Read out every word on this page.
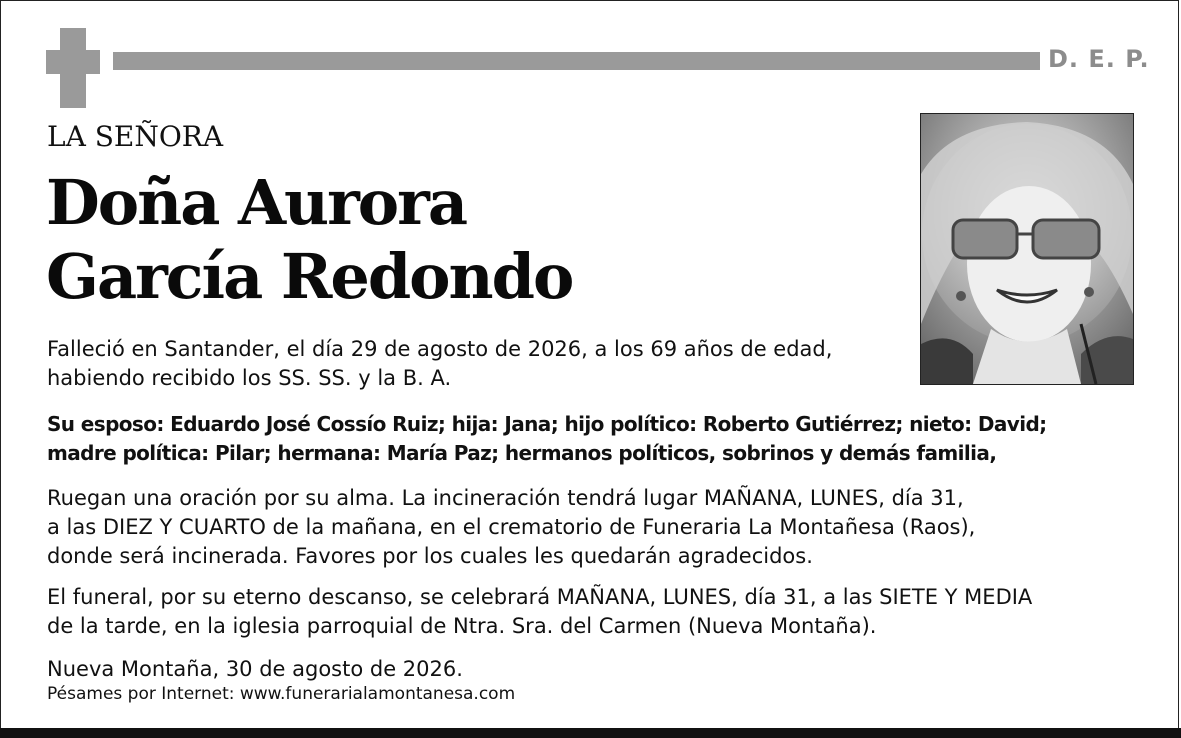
D. E. P.
LA SEÑORA
Doña Aurora
García Redondo
Falleció en Santander, el día 29 de agosto de 2026, a los 69 años de edad,
habiendo recibido los SS. SS. y la B. A.
Su esposo: Eduardo José Cossío Ruiz; hija: Jana; hijo político: Roberto Gutiérrez; nieto: David;
madre política: Pilar; hermana: María Paz; hermanos políticos, sobrinos y demás familia,
Ruegan una oración por su alma. La incineración tendrá lugar MAÑANA, LUNES, día 31,
a las DIEZ Y CUARTO de la mañana, en el crematorio de Funeraria La Montañesa (Raos),
donde será incinerada. Favores por los cuales les quedarán agradecidos.
El funeral, por su eterno descanso, se celebrará MAÑANA, LUNES, día 31, a las SIETE Y MEDIA
de la tarde, en la iglesia parroquial de Ntra. Sra. del Carmen (Nueva Montaña).
Nueva Montaña, 30 de agosto de 2026.
Pésames por Internet: www.funerarialamontanesa.com
